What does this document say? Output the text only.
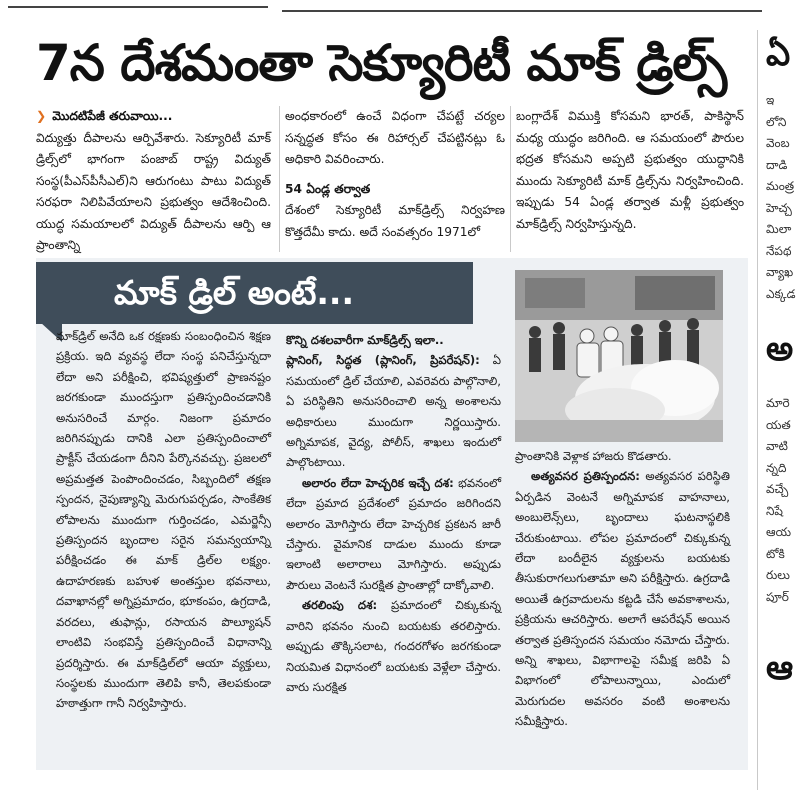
7న దేశమంతా సెక్యూరిటీ మాక్ డ్రిల్స్

❯ మొదటిపేజీ తరువాయి...

విద్యుత్తు దీపాలను ఆర్పివేశారు. సెక్యూరిటీ మాక్ డ్రిల్స్‌లో భాగంగా పంజాబ్ రాష్ట్ర విద్యుత్ సంస్థ(పీఎస్‌పీసీఎల్)ని ఆరుగంటు పాటు విద్యుత్ సరఫరా నిలిపివేయాలని ప్రభుత్వం ఆదేశించింది. యుద్ధ సమయాలలో విద్యుత్ దీపాలను ఆర్పి ఆ ప్రాంతాన్ని

అంధకారంలో ఉంచే విధంగా చేపట్టే చర్యల సన్నద్ధత కోసం ఈ రిహార్సల్ చేపట్టినట్లు ఓ అధికారి వివరించారు.

54 ఏండ్ల తర్వాత

దేశంలో సెక్యూరిటీ మాక్‌డ్రిల్స్ నిర్వహణ కొత్తదేమీ కాదు. అదే సంవత్సరం 1971లో

బంగ్లాదేశ్ విముక్తి కోసమని భారత్, పాకిస్థాన్ మధ్య యుద్ధం జరిగింది. ఆ సమయంలో పౌరుల భద్రత కోసమని అప్పటి ప్రభుత్వం యుద్ధానికి ముందు సెక్యూరిటీ మాక్ డ్రిల్స్‌ను నిర్వహించింది. ఇప్పుడు 54 ఏండ్ల తర్వాత మళ్లీ ప్రభుత్వం మాక్‌డ్రిల్స్ నిర్వహిస్తున్నది.

మాక్ డ్రిల్ అంటే...

మాక్‌డ్రిల్ అనేది ఒక రక్షణకు సంబంధించిన శిక్షణ ప్రక్రియ. ఇది వ్యవస్థ లేదా సంస్థ పనిచేస్తున్నదా లేదా అని పరీక్షించి, భవిష్యత్తులో ప్రాణనష్టం జరగకుండా ముందస్తుగా ప్రతిస్పందించడానికి అనుసరించే మార్గం. నిజంగా ప్రమాదం జరిగినప్పుడు దానికి ఎలా ప్రతిస్పందించాలో ప్రాక్టీస్ చేయడంగా దీనిని పేర్కొనవచ్చు. ప్రజలలో అప్రమత్తత పెంపొందించడం, సిబ్బందిలో తక్షణ స్పందన, నైపుణ్యాన్ని మెరుగుపర్చడం, సాంకేతిక లోపాలను ముందుగా గుర్తించడం, ఎమర్జెన్సీ ప్రతిస్పందన బృందాల సరైన సమన్వయాన్ని పరీక్షించడం ఈ మాక్ డ్రిల్‌ల లక్ష్యం. ఉదాహరణకు బహుళ అంతస్తుల భవనాలు, దవాఖానల్లో అగ్నిప్రమాదం, భూకంపం, ఉగ్రదాడి, వరదలు, తుఫాన్లు, రసాయన పొల్యూషన్ లాంటివి సంభవిస్తే ప్రతిస్పందించే విధానాన్ని ప్రదర్శిస్తారు. ఈ మాక్‌డ్రిల్‌లో ఆయా వ్యక్తులు, సంస్థలకు ముందుగా తెలిపి కానీ, తెలపకుండా హఠాత్తుగా గానీ నిర్వహిస్తారు.

కొన్ని దశలవారీగా మాక్‌డ్రిల్స్ ఇలా..

ప్లానింగ్, సిద్ధత (ప్లానింగ్, ప్రిపరేషన్): ఏ సమయంలో డ్రిల్ చేయాలి, ఎవరెవరు పాల్గొనాలి, ఏ పరిస్థితిని అనుసరించాలి అన్న అంశాలను అధికారులు ముందుగా నిర్ణయిస్తారు. అగ్నిమాపక, వైద్య, పోలీస్, శాఖలు ఇందులో పాల్గొంటాయి.

అలారం లేదా హెచ్చరిక ఇచ్చే దశ: భవనంలో లేదా ప్రమాద ప్రదేశంలో ప్రమాదం జరిగిందని అలారం మోగిస్తారు లేదా హెచ్చరిక ప్రకటన జారీ చేస్తారు. వైమానిక దాడుల ముందు కూడా ఇలాంటి అలారాలు మోగిస్తారు. అప్పుడు పౌరులు వెంటనే సురక్షిత ప్రాంతాల్లో దాక్కోవాలి.

తరలింపు దశ: ప్రమాదంలో చిక్కుకున్న వారిని భవనం నుంచి బయటకు తరలిస్తారు. అప్పుడు తొక్కిసలాట, గందరగోళం జరగకుండా నియమిత విధానంలో బయటకు వెళ్లేలా చేస్తారు. వారు సురక్షిత

ప్రాంతానికి వెళ్లాక హాజరు కొడతారు.

అత్యవసర ప్రతిస్పందన: అత్యవసర పరిస్థితి ఏర్పడిన వెంటనే అగ్నిమాపక వాహనాలు, అంబులెన్స్‌లు, బృందాలు ఘటనాస్థలికి చేరుకుంటాయి. లోపల ప్రమాదంలో చిక్కుకున్న లేదా బందీలైన వ్యక్తులను బయటకు తీసుకురాగలుగుతామా అని పరీక్షిస్తారు. ఉగ్రదాడి అయితే ఉగ్రవాదులను కట్టడి చేసే అవకాశాలను, ప్రక్రియను ఆచరిస్తారు. అలాగే ఆపరేషన్ అయిన తర్వాత ప్రతిస్పందన సమయం నమోదు చేస్తారు. అన్ని శాఖలు, విభాగాలపై సమీక్ష జరిపి ఏ విభాగంలో లోపాలున్నాయి, ఎందులో మెరుగుదల అవసరం వంటి అంశాలను సమీక్షిస్తారు.

ఏ
ఇ
లోని
వెంబ
దాడి
మంత్ర
హెచ్చ
మిలా
నేపథ
వ్యాఖ
ఎక్కడ
అ
మారె
యత
వాటి
న్నది
వచ్చే
నిషే
ఆయ
టోకి
రులు
పూర్
ఆ
